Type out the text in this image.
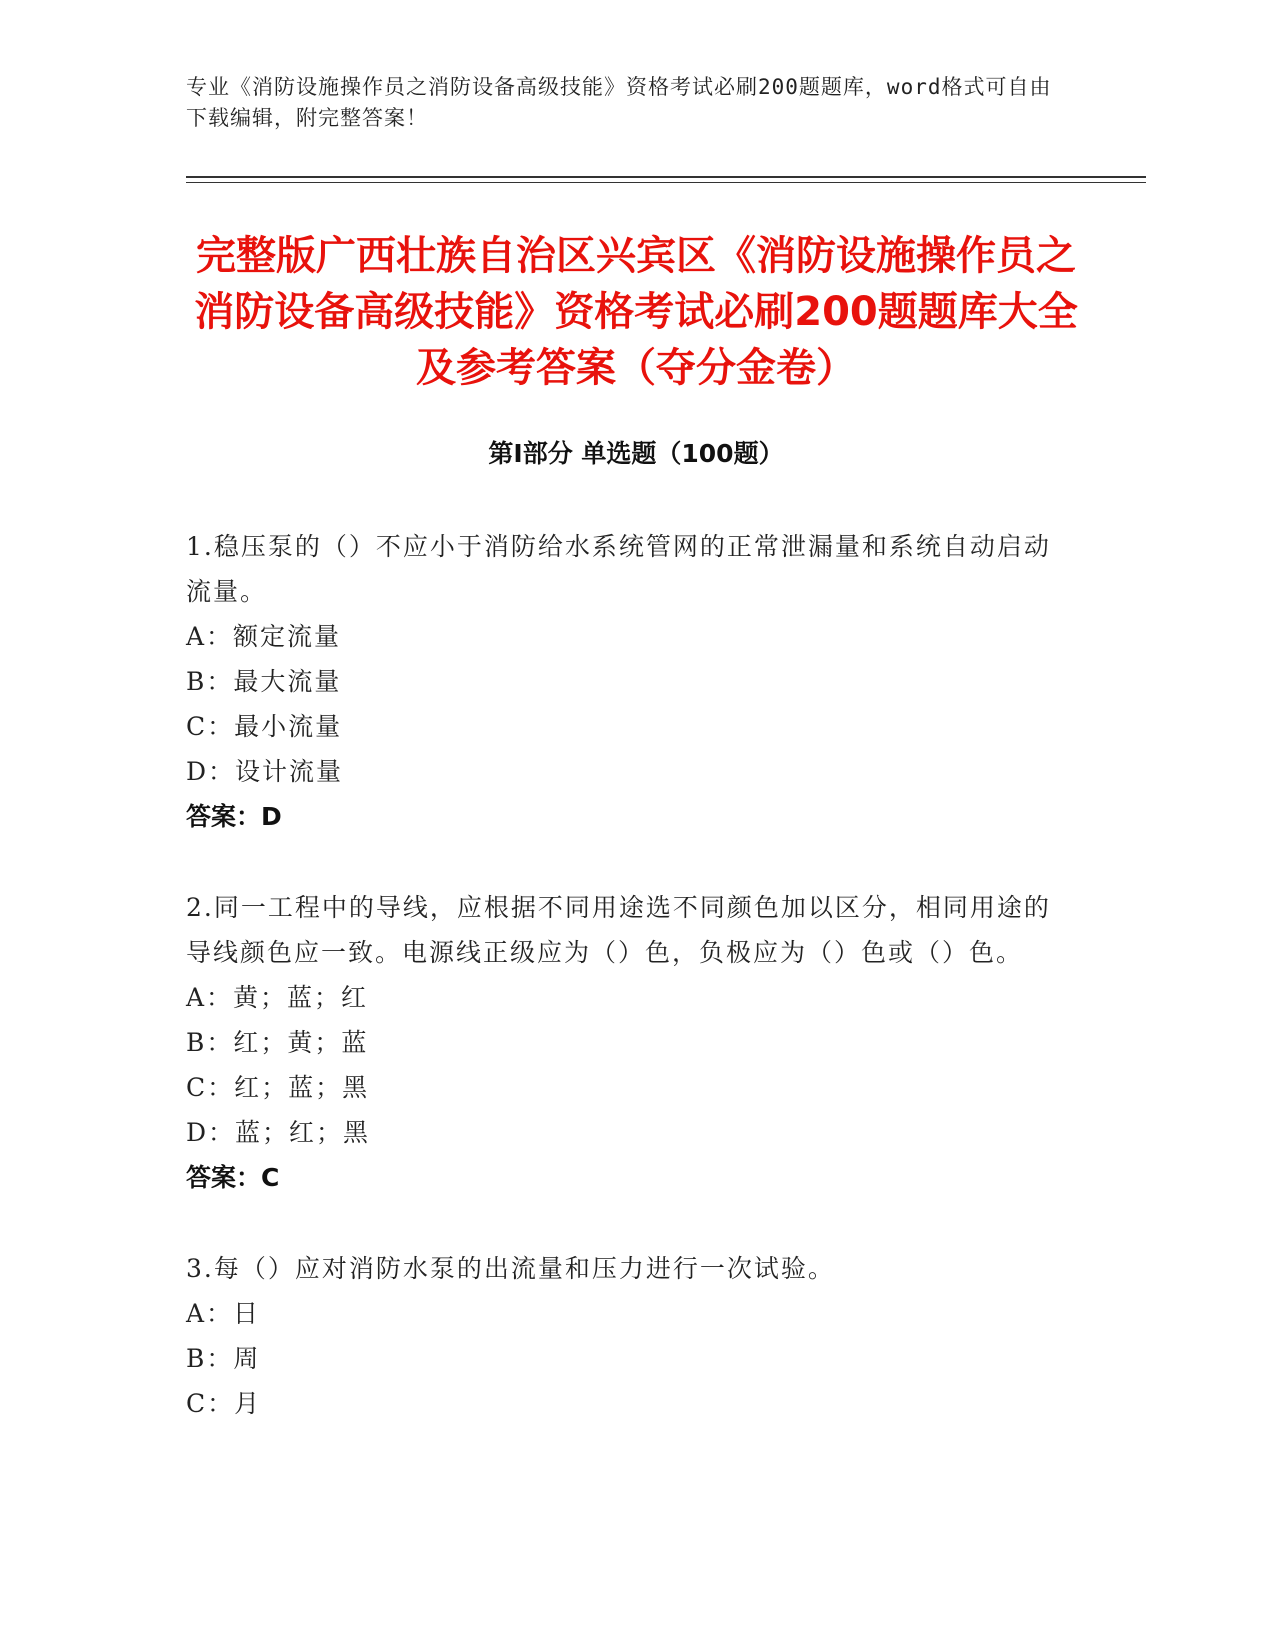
专业《消防设施操作员之消防设备高级技能》资格考试必刷200题题库，word格式可自由下载编辑，附完整答案！
完整版广西壮族自治区兴宾区《消防设施操作员之消防设备高级技能》资格考试必刷200题题库大全及参考答案（夺分金卷）
第Ⅰ部分 单选题（100题）

1.稳压泵的（）不应小于消防给水系统管网的正常泄漏量和系统自动启动流量。

A：额定流量

B：最大流量

C：最小流量

D：设计流量

答案：D

2.同一工程中的导线，应根据不同用途选不同颜色加以区分，相同用途的导线颜色应一致。电源线正级应为（）色，负极应为（）色或（）色。

A：黄；蓝；红

B：红；黄；蓝

C：红；蓝；黑

D：蓝；红；黑

答案：C

3.每（）应对消防水泵的出流量和压力进行一次试验。

A：日

B：周

C：月
